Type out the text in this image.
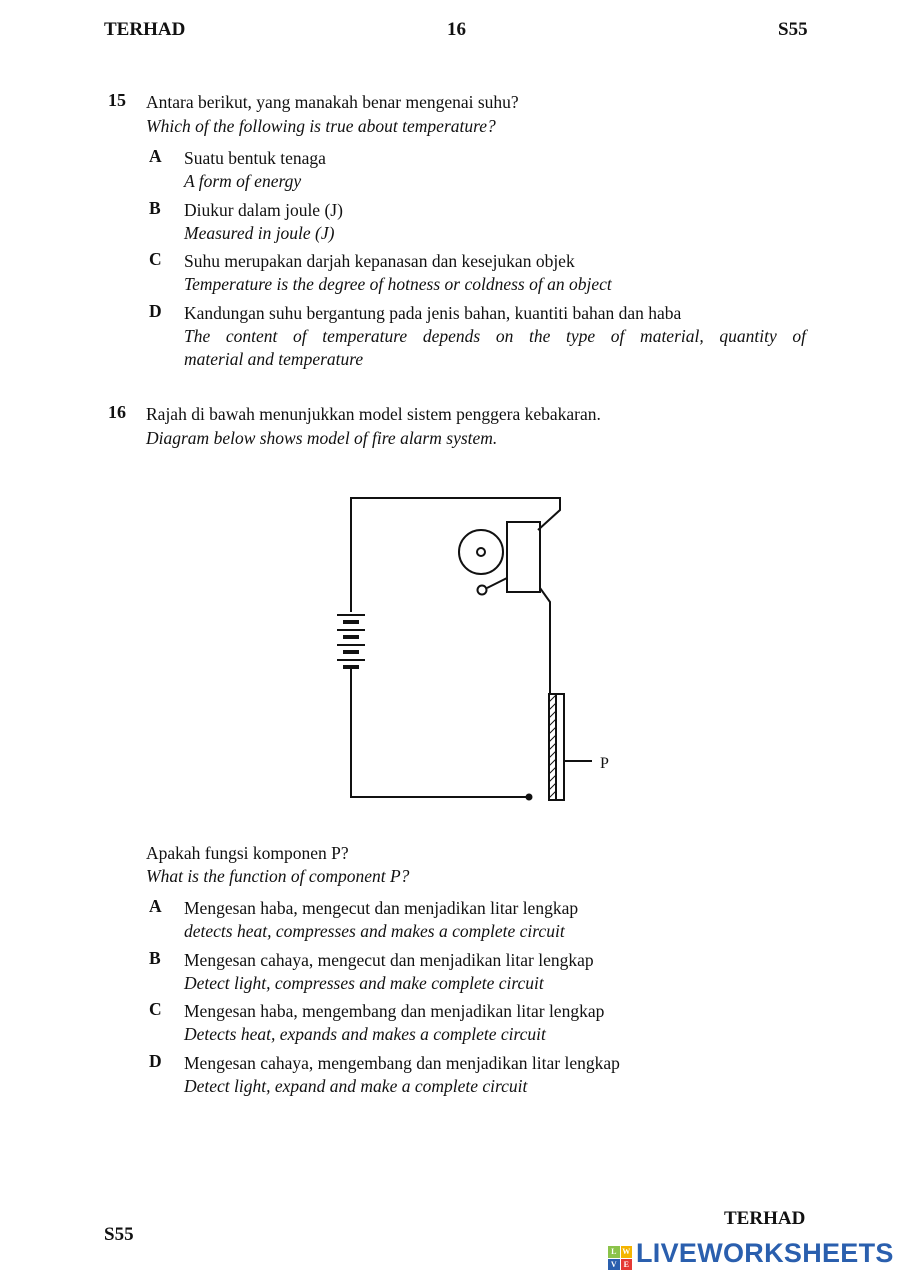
TERHAD	16	S55
15 Antara berikut, yang manakah benar mengenai suhu?
Which of the following is true about temperature?
A Suatu bentuk tenaga
A form of energy
B Diukur dalam joule (J)
Measured in joule (J)
C Suhu merupakan darjah kepanasan dan kesejukan objek
Temperature is the degree of hotness or coldness of an object
D Kandungan suhu bergantung pada jenis bahan, kuantiti bahan dan haba
The content of temperature depends on the type of material, quantity of
material and temperature
16 Rajah di bawah menunjukkan model sistem penggera kebakaran.
Diagram below shows model of fire alarm system.
P
Apakah fungsi komponen P?
What is the function of component P?
A Mengesan haba, mengecut dan menjadikan litar lengkap
detects heat, compresses and makes a complete circuit
B Mengesan cahaya, mengecut dan menjadikan litar lengkap
Detect light, compresses and make complete circuit
C Mengesan haba, mengembang dan menjadikan litar lengkap
Detects heat, expands and makes a complete circuit
D Mengesan cahaya, mengembang dan menjadikan litar lengkap
Detect light, expand and make a complete circuit
TERHAD
S55
L W
V E LIVEWORKSHEETS
